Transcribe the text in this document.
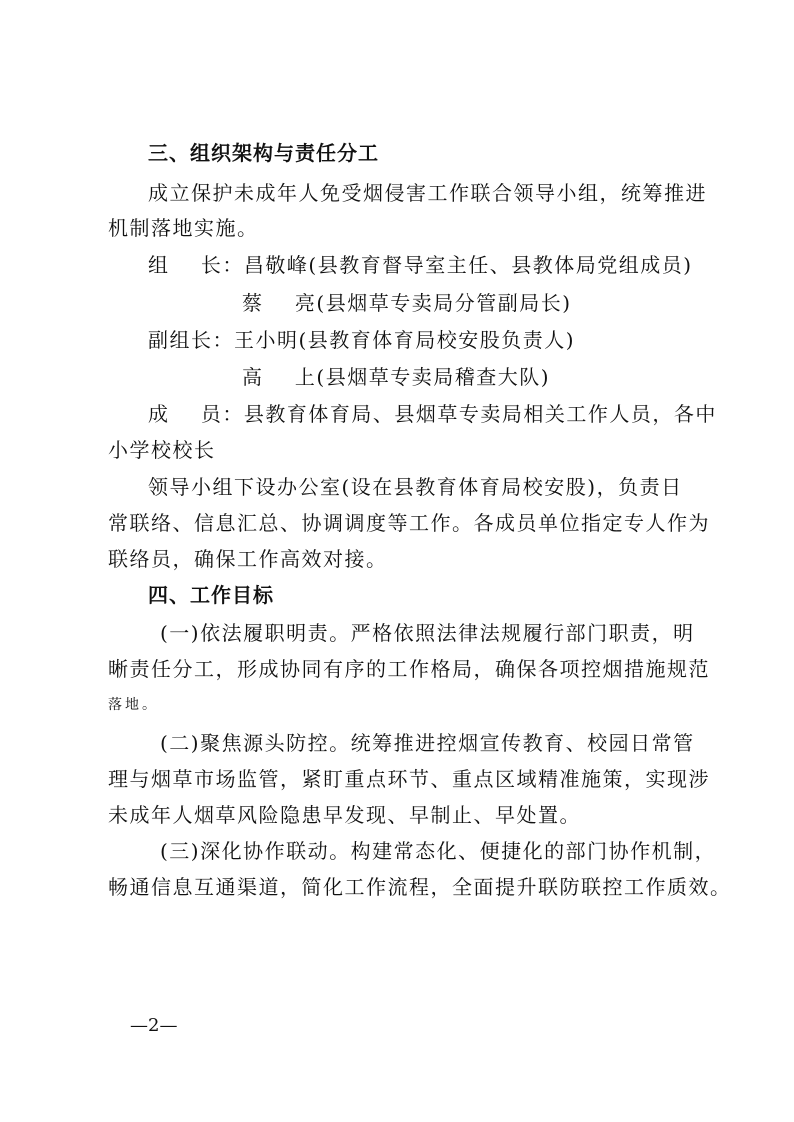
三、组织架构与责任分工
成立保护未成年人免受烟侵害工作联合领导小组，统筹推进
机制落地实施。
组    长：昌敬峰(县教育督导室主任、县教体局党组成员)
蔡    亮(县烟草专卖局分管副局长)
副组长：王小明(县教育体育局校安股负责人)
高    上(县烟草专卖局稽查大队)
成    员：县教育体育局、县烟草专卖局相关工作人员，各中
小学校校长
领导小组下设办公室(设在县教育体育局校安股)，负责日
常联络、信息汇总、协调调度等工作。各成员单位指定专人作为
联络员，确保工作高效对接。
四、工作目标
(一)依法履职明责。严格依照法律法规履行部门职责，明
晰责任分工，形成协同有序的工作格局，确保各项控烟措施规范
落地。
(二)聚焦源头防控。统筹推进控烟宣传教育、校园日常管
理与烟草市场监管，紧盯重点环节、重点区域精准施策，实现涉
未成年人烟草风险隐患早发现、早制止、早处置。
(三)深化协作联动。构建常态化、便捷化的部门协作机制，
畅通信息互通渠道，简化工作流程，全面提升联防联控工作质效。
—2—
